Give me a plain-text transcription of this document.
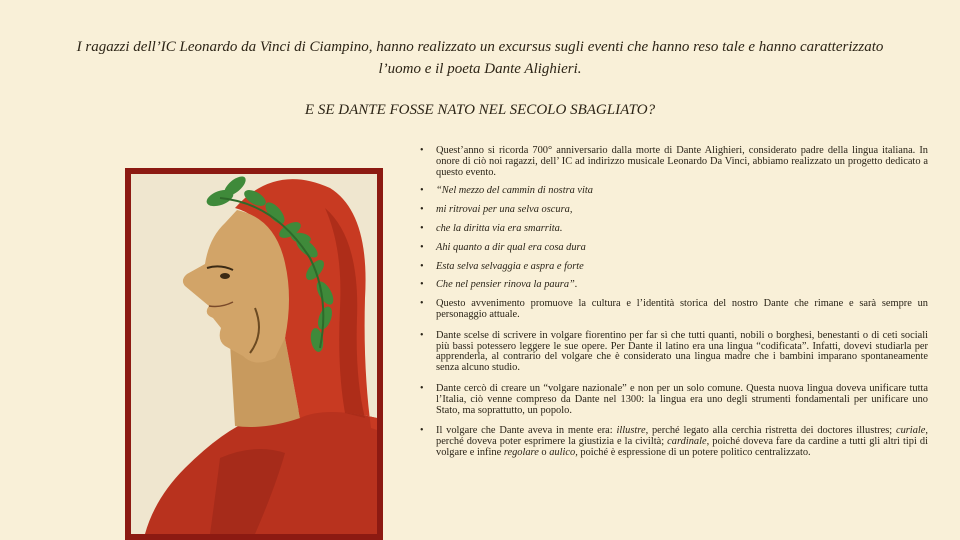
I ragazzi dell’IC Leonardo da Vinci di Ciampino, hanno realizzato un excursus sugli eventi che hanno reso tale e hanno caratterizzato l’uomo e il poeta Dante Alighieri.
E SE DANTE FOSSE NATO NEL SECOLO SBAGLIATO?
• Quest’anno si ricorda 700° anniversario dalla morte di Dante Alighieri, considerato padre della lingua italiana. In onore di ciò noi ragazzi, dell’ IC ad indirizzo musicale Leonardo Da Vinci, abbiamo realizzato un progetto dedicato a questo evento.
• “Nel mezzo del cammin di nostra vita
• mi ritrovai per una selva oscura,
• che la diritta via era smarrita.
• Ahi quanto a dir qual era cosa dura
• Esta selva selvaggia e aspra e forte
• Che nel pensier rinova la paura”.
• Questo avvenimento promuove la cultura e l’identità storica del nostro Dante che rimane e sarà sempre un personaggio attuale.
• Dante scelse di scrivere in volgare fiorentino per far sì che tutti quanti, nobili o borghesi, benestanti o di ceti sociali più bassi potessero leggere le sue opere. Per Dante il latino era una lingua “codificata”. Infatti, dovevi studiarla per apprenderla, al contrario del volgare che è considerato una lingua madre che i bambini imparano spontaneamente senza alcuno studio.
• Dante cercò di creare un “volgare nazionale” e non per un solo comune. Questa nuova lingua doveva unificare tutta l’Italia, ciò venne compreso da Dante nel 1300: la lingua era uno degli strumenti fondamentali per unificare uno Stato, ma soprattutto, un popolo.
• Il volgare che Dante aveva in mente era: illustre, perché legato alla cerchia ristretta dei doctores illustres; curiale, perché doveva poter esprimere la giustizia e la civiltà; cardinale, poiché doveva fare da cardine a tutti gli altri tipi di volgare e infine regolare o aulico, poiché è espressione di un potere politico centralizzato.
